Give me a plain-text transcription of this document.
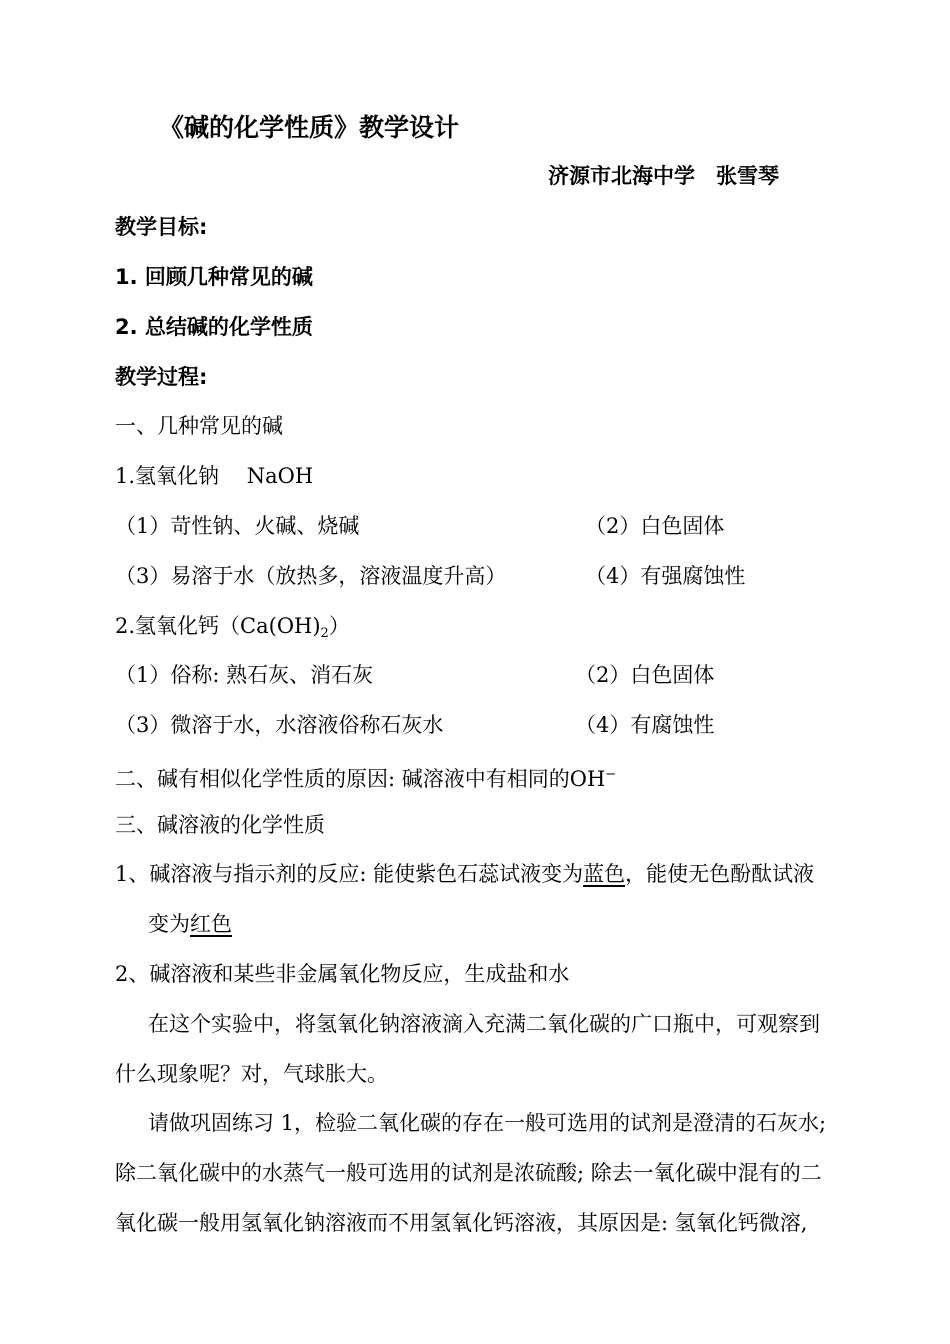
《碱的化学性质》教学设计
济源市北海中学　张雪琴
教学目标:
1. 回顾几种常见的碱
2. 总结碱的化学性质
教学过程:
一、几种常见的碱
1.氢氧化钠　 NaOH
（1）苛性钠、火碱、烧碱	（2）白色固体
（3）易溶于水（放热多，溶液温度升高）	（4）有强腐蚀性
2.氢氧化钙$(Ca(OH)_2)$
（1）俗称: 熟石灰、消石灰	（2）白色固体
（3）微溶于水，水溶液俗称石灰水	（4）有腐蚀性
二、碱有相似化学性质的原因: 碱溶液中有相同的OH−
三、碱溶液的化学性质
1、碱溶液与指示剂的反应: 能使紫色石蕊试液变为蓝色，能使无色酚酞试液
变为红色
2、碱溶液和某些非金属氧化物反应，生成盐和水
在这个实验中，将氢氧化钠溶液滴入充满二氧化碳的广口瓶中，可观察到
什么现象呢？对，气球胀大。
请做巩固练习 1，检验二氧化碳的存在一般可选用的试剂是澄清的石灰水;
除二氧化碳中的水蒸气一般可选用的试剂是浓硫酸; 除去一氧化碳中混有的二
氧化碳一般用氢氧化钠溶液而不用氢氧化钙溶液，其原因是: 氢氧化钙微溶,
